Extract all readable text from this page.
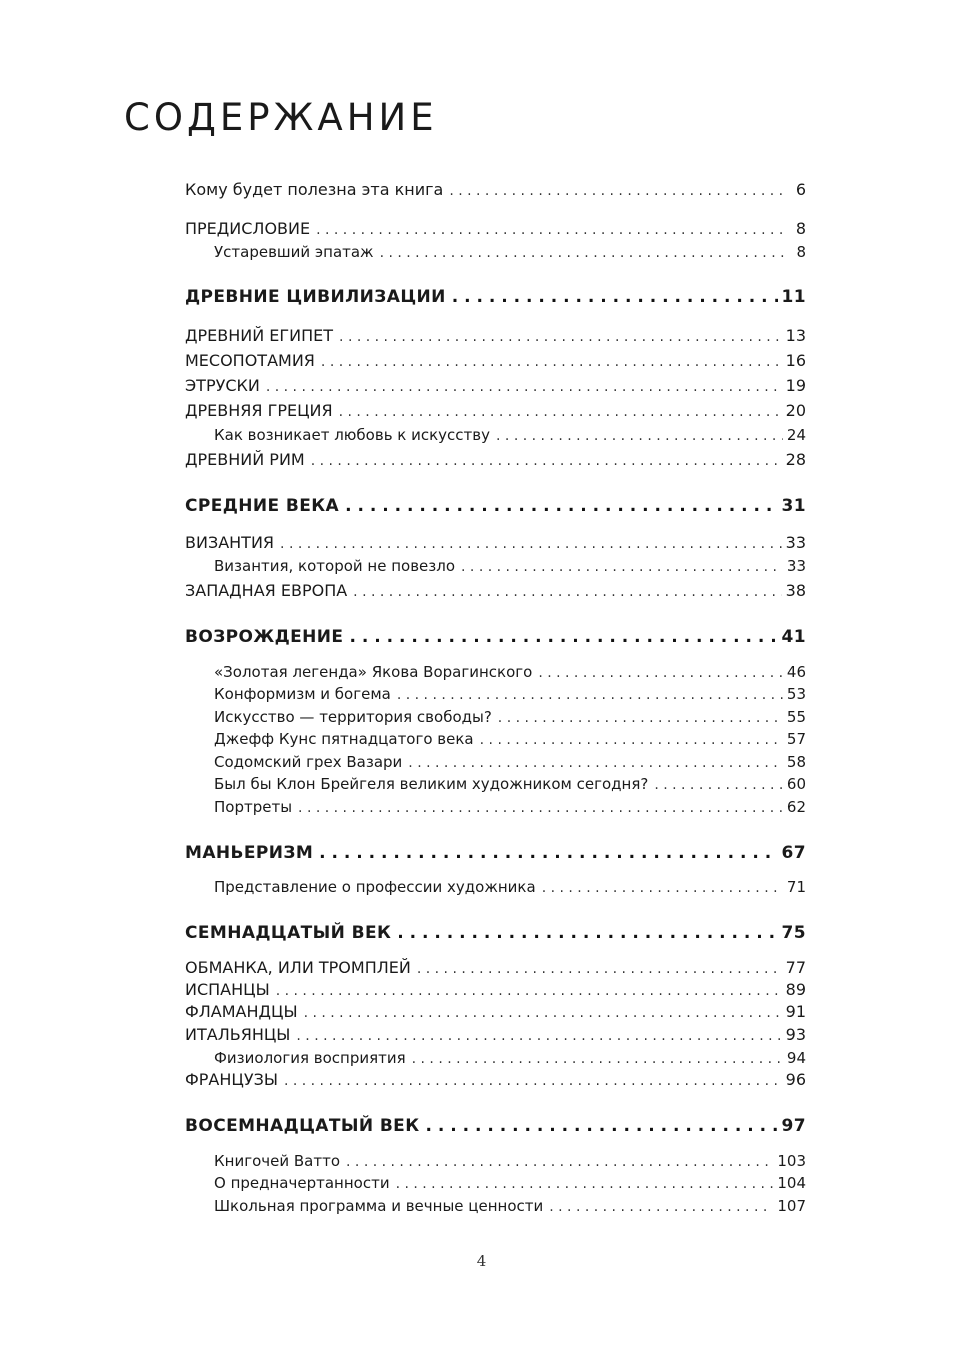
СОДЕРЖАНИЕ
Кому будет полезна эта книга . . .	6
ПРЕДИСЛОВИЕ . . .	8
Устаревший эпатаж . . .	8
ДРЕВНИЕ ЦИВИЛИЗАЦИИ . . .	11
ДРЕВНИЙ ЕГИПЕТ . . .	13
МЕСОПОТАМИЯ . . .	16
ЭТРУСКИ . . .	19
ДРЕВНЯЯ ГРЕЦИЯ . . .	20
Как возникает любовь к искусству . . .	24
ДРЕВНИЙ РИМ . . .	28
СРЕДНИЕ ВЕКА . . .	31
ВИЗАНТИЯ . . .	33
Византия, которой не повезло . . .	33
ЗАПАДНАЯ ЕВРОПА . . .	38
ВОЗРОЖДЕНИЕ . . .	41
«Золотая легенда» Якова Ворагинского . . .	46
Конформизм и богема . . .	53
Искусство — территория свободы? . . .	55
Джефф Кунс пятнадцатого века . . .	57
Содомский грех Вазари . . .	58
Был бы Клон Брейгеля великим художником сегодня? . . .	60
Портреты . . .	62
МАНЬЕРИЗМ . . .	67
Представление о профессии художника . . .	71
СЕМНАДЦАТЫЙ ВЕК . . .	75
ОБМАНКА, ИЛИ ТРОМПЛЕЙ . . .	77
ИСПАНЦЫ . . .	89
ФЛАМАНДЦЫ . . .	91
ИТАЛЬЯНЦЫ . . .	93
Физиология восприятия . . .	94
ФРАНЦУЗЫ . . .	96
ВОСЕМНАДЦАТЫЙ ВЕК . . .	97
Книгочей Ватто . . .	103
О предначертанности . . .	104
Школьная программа и вечные ценности . . .	107
4
